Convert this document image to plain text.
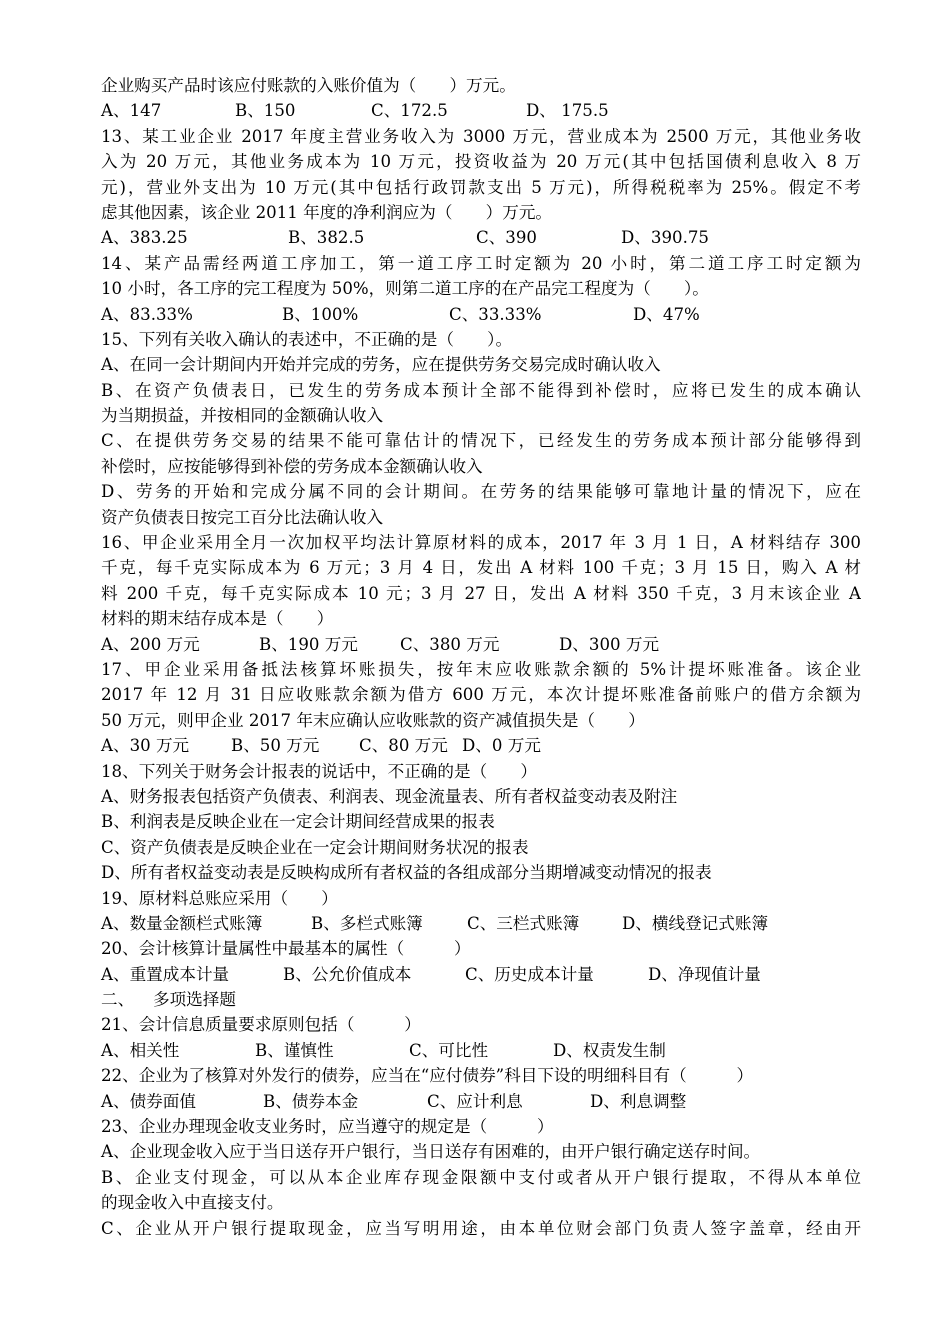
企业购买产品时该应付账款的入账价值为（　　）万元。
A、147	B、150	C、172.5	D、 175.5
13、某工业企业 2017 年度主营业务收入为 3000 万元，营业成本为 2500 万元，其他业务收
入为 20 万元，其他业务成本为 10 万元，投资收益为 20 万元(其中包括国债利息收入 8 万
元)，营业外支出为 10 万元(其中包括行政罚款支出 5 万元)，所得税税率为 25%。假定不考
虑其他因素，该企业 2011 年度的净利润应为（　　）万元。
A、383.25	B、382.5	C、390	D、390.75
14、某产品需经两道工序加工，第一道工序工时定额为 20 小时，第二道工序工时定额为
10 小时，各工序的完工程度为 50%，则第二道工序的在产品完工程度为（　　）。
A、83.33%	B、100%	C、33.33%	D、47%
15、下列有关收入确认的表述中，不正确的是（　　）。
A、在同一会计期间内开始并完成的劳务，应在提供劳务交易完成时确认收入
B、在资产负债表日，已发生的劳务成本预计全部不能得到补偿时，应将已发生的成本确认
为当期损益，并按相同的金额确认收入
C、在提供劳务交易的结果不能可靠估计的情况下，已经发生的劳务成本预计部分能够得到
补偿时，应按能够得到补偿的劳务成本金额确认收入
D、劳务的开始和完成分属不同的会计期间。在劳务的结果能够可靠地计量的情况下，应在
资产负债表日按完工百分比法确认收入
16、甲企业采用全月一次加权平均法计算原材料的成本，2017 年 3 月 1 日，A 材料结存 300
千克，每千克实际成本为 6 万元；3 月 4 日，发出 A 材料 100 千克；3 月 15 日，购入 A 材
料 200 千克，每千克实际成本 10 元；3 月 27 日，发出 A 材料 350 千克，3 月末该企业 A
材料的期末结存成本是（　　）
A、200 万元	B、190 万元	C、380 万元	D、300 万元
17、甲企业采用备抵法核算坏账损失，按年末应收账款余额的 5%计提坏账准备。该企业
2017 年 12 月 31 日应收账款余额为借方 600 万元，本次计提坏账准备前账户的借方余额为
50 万元，则甲企业 2017 年末应确认应收账款的资产减值损失是（　　）
A、30 万元	B、50 万元	C、80 万元 D、0 万元
18、下列关于财务会计报表的说话中，不正确的是（　　）
A、财务报表包括资产负债表、利润表、现金流量表、所有者权益变动表及附注
B、利润表是反映企业在一定会计期间经营成果的报表
C、资产负债表是反映企业在一定会计期间财务状况的报表
D、所有者权益变动表是反映构成所有者权益的各组成部分当期增减变动情况的报表
19、原材料总账应采用（　　）
A、数量金额栏式账簿	B、多栏式账簿	C、三栏式账簿	D、横线登记式账簿
20、会计核算计量属性中最基本的属性（　　　）
A、重置成本计量	B、公允价值成本	C、历史成本计量	D、净现值计量
二、 多项选择题
21、会计信息质量要求原则包括（　　　）
A、相关性	B、谨慎性	C、可比性	D、权责发生制
22、企业为了核算对外发行的债券，应当在“应付债券”科目下设的明细科目有（　　　）
A、债券面值	B、债券本金	C、应计利息	D、利息调整
23、企业办理现金收支业务时，应当遵守的规定是（　　　）
A、企业现金收入应于当日送存开户银行，当日送存有困难的，由开户银行确定送存时间。
B、企业支付现金，可以从本企业库存现金限额中支付或者从开户银行提取，不得从本单位
的现金收入中直接支付。
C、企业从开户银行提取现金，应当写明用途，由本单位财会部门负责人签字盖章，经由开
